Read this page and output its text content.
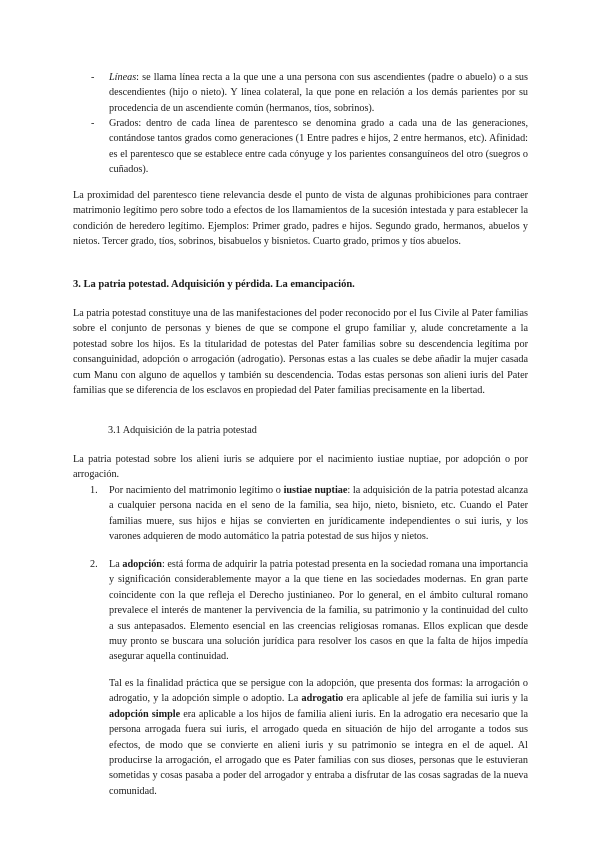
- Líneas: se llama línea recta a la que une a una persona con sus ascendientes (padre o abuelo) o a sus descendientes (hijo o nieto). Y línea colateral, la que pone en relación a los demás parientes por su procedencia de un ascendiente común (hermanos, tíos, sobrinos).

- Grados: dentro de cada línea de parentesco se denomina grado a cada una de las generaciones, contándose tantos grados como generaciones (1 Entre padres e hijos, 2 entre hermanos, etc). Afinidad: es el parentesco que se establece entre cada cónyuge y los parientes consanguíneos del otro (suegros o cuñados).

La proximidad del parentesco tiene relevancia desde el punto de vista de algunas prohibiciones para contraer matrimonio legítimo pero sobre todo a efectos de los llamamientos de la sucesión intestada y para establecer la condición de heredero legítimo. Ejemplos: Primer grado, padres e hijos. Segundo grado, hermanos, abuelos y nietos. Tercer grado, tíos, sobrinos, bisabuelos y bisnietos. Cuarto grado, primos y tíos abuelos.

3. La patria potestad. Adquisición y pérdida. La emancipación.

La patria potestad constituye una de las manifestaciones del poder reconocido por el Ius Civile al Pater familias sobre el conjunto de personas y bienes de que se compone el grupo familiar y, alude concretamente a la potestad sobre los hijos. Es la titularidad de potestas del Pater familias sobre su descendencia legítima por consanguinidad, adopción o arrogación (adrogatio). Personas estas a las cuales se debe añadir la mujer casada cum Manu con alguno de aquellos y también su descendencia. Todas estas personas son alieni iuris del Pater familias que se diferencia de los esclavos en propiedad del Pater familias precisamente en la libertad.

3.1 Adquisición de la patria potestad

La patria potestad sobre los alieni iuris se adquiere por el nacimiento iustiae nuptiae, por adopción o por arrogación.

1. Por nacimiento del matrimonio legítimo o iustiae nuptiae: la adquisición de la patria potestad alcanza a cualquier persona nacida en el seno de la familia, sea hijo, nieto, bisnieto, etc. Cuando el Pater familias muere, sus hijos e hijas se convierten en jurídicamente independientes o sui iuris, y los varones adquieren de modo automático la patria potestad de sus hijos y nietos.

2. La adopción: está forma de adquirir la patria potestad presenta en la sociedad romana una importancia y significación considerablemente mayor a la que tiene en las sociedades modernas. En gran parte coincidente con la que refleja el Derecho justinianeo. Por lo general, en el ámbito cultural romano prevalece el interés de mantener la pervivencia de la familia, su patrimonio y la continuidad del culto a sus antepasados. Elemento esencial en las creencias religiosas romanas. Ellos explican que desde muy pronto se buscara una solución jurídica para resolver los casos en que la falta de hijos impedía asegurar aquella continuidad.

Tal es la finalidad práctica que se persigue con la adopción, que presenta dos formas: la arrogación o adrogatio, y la adopción simple o adoptio. La adrogatio era aplicable al jefe de familia sui iuris y la adopción simple era aplicable a los hijos de familia alieni iuris. En la adrogatio era necesario que la persona arrogada fuera sui iuris, el arrogado queda en situación de hijo del arrogante a todos sus efectos, de modo que se convierte en alieni iuris y su patrimonio se integra en el de aquel. Al producirse la arrogación, el arrogado que es Pater familias con sus dioses, personas que le estuvieran sometidas y cosas pasaba a poder del arrogador y entraba a disfrutar de las cosas sagradas de la nueva comunidad.
